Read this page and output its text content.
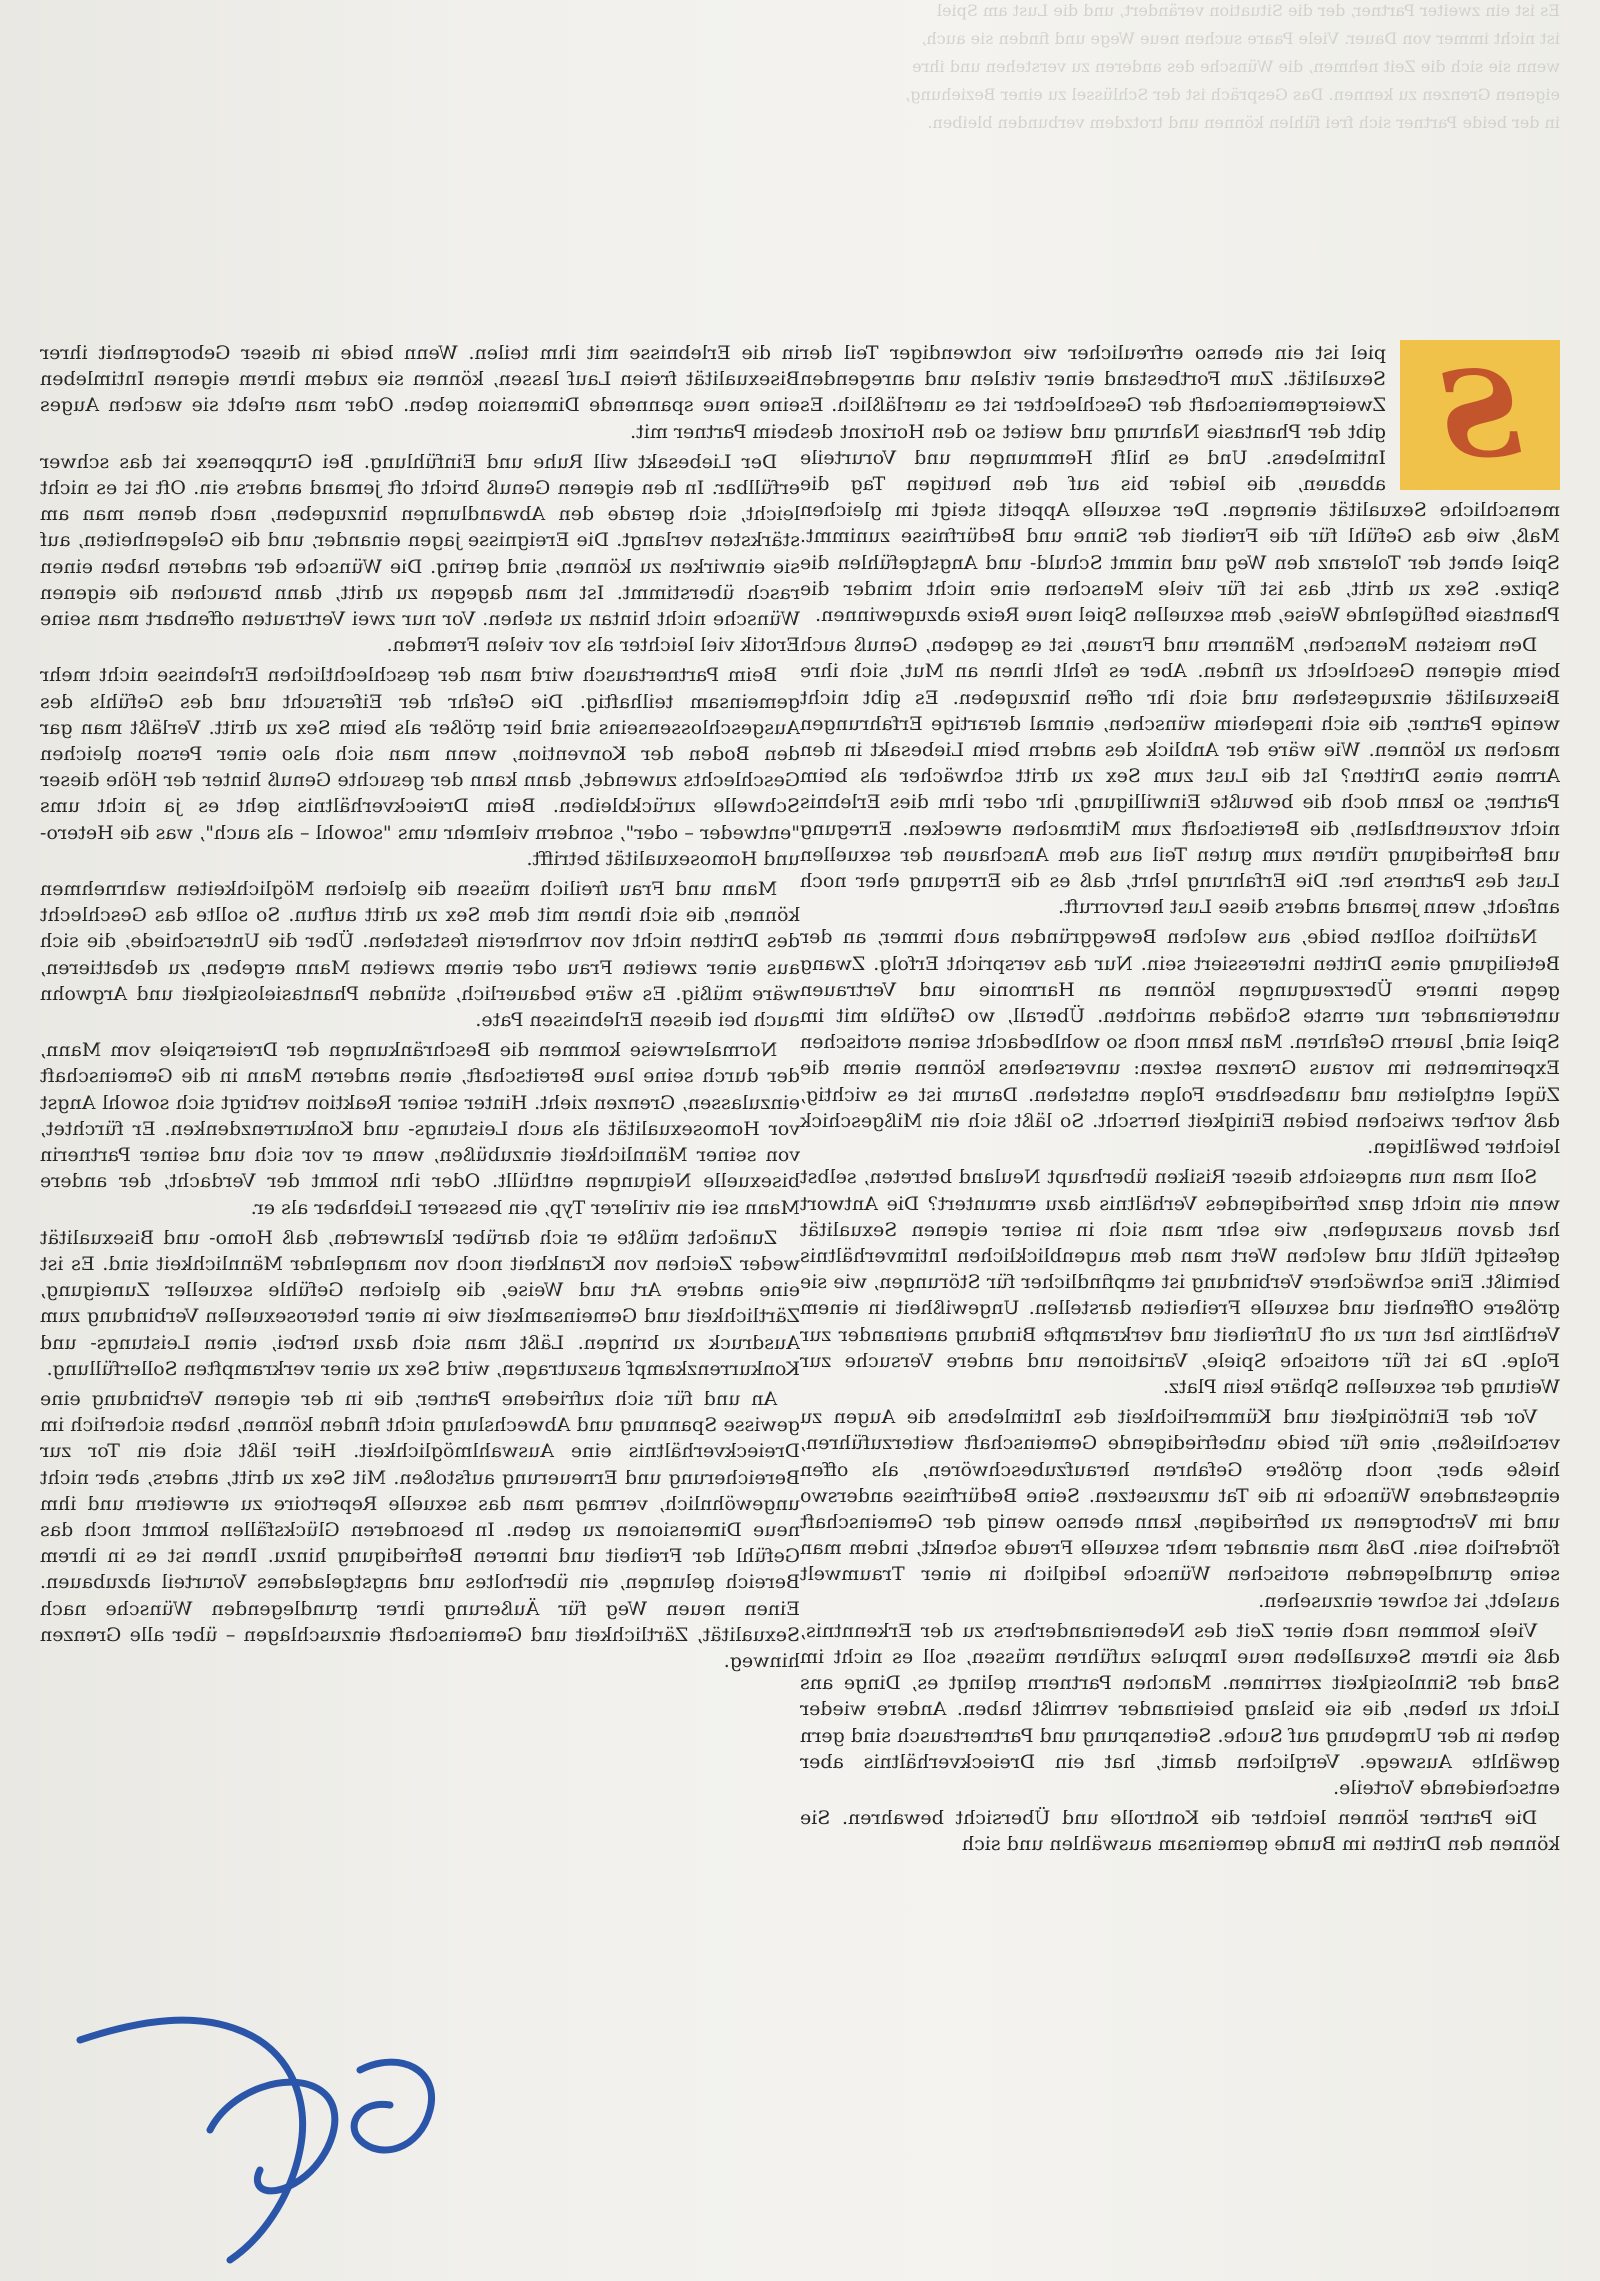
Es ist ein zweiter Partner, der die Situation verändert, und die Lust am Spiel

ist nicht immer von Dauer. Viele Paare suchen neue Wege und finden sie auch,

wenn sie sich die Zeit nehmen, die Wünsche des anderen zu verstehen und ihre

eigenen Grenzen zu kennen. Das Gespräch ist der Schlüssel zu einer Beziehung,

in der beide Partner sich frei fühlen können und trotzdem verbunden bleiben.

in die Erlebnisse mit ihm teilen. Wenn beide in dieser Geborgenheit ihrer Bisexualität freien Lauf lassen, können sie zudem ihrem eigenen Intimleben eine neue spannende Dimension geben. Oder man erlebt sie wachen Auges beim Partner mit.

Der Liebesakt will Ruhe und Einfühlung. Bei Gruppensex ist das schwer erfüllbar. In den eigenen Genuß bricht oft jemand anders ein. Oft ist es nicht leicht, sich gerade den Abwandlungen hinzugeben, nach denen man am stärksten verlangt. Die Ereignisse jagen einander, und die Gelegenheiten, auf sie einwirken zu können, sind gering. Die Wünsche der anderen haben einen rasch überstimmt. Ist man dagegen zu dritt, dann brauchen die eigenen Wünsche nicht hintan zu stehen. Vor nur zwei Vertrauten offenbart man seine Erotik viel leichter als vor vielen Fremden.

Beim Partnertausch wird man der geschlechtlichen Erlebnisse nicht mehr gemeinsam teilhaftig. Die Gefahr der Eifersucht und des Gefühls des Ausgeschlossenseins sind hier größer als beim Sex zu dritt. Verläßt man gar den Boden der Konvention, wenn man sich also einer Person gleichen Geschlechts zuwendet, dann kann der gesuchte Genuß hinter der Höhe dieser Schwelle zurückbleiben. Beim Dreieckverhältnis geht es ja nicht ums "entweder – oder", sondern vielmehr ums "sowohl – als auch", was die Hetero- und Homosexualität betrifft.

Mann und Frau freilich müssen die gleichen Möglichkeiten wahrnehmen können, die sich ihnen mit dem Sex zu dritt auftun. So sollte das Geschlecht des Dritten nicht von vornherein feststehen. Über die Unterschiede, die sich aus einer zweiten Frau oder einem zweiten Mann ergeben, zu debattieren, wäre müßig. Es wäre bedauerlich, stünden Phantasielosigkeit und Argwohn auch bei diesen Erlebnissen Pate.

Normalerweise kommen die Beschränkungen der Dreierspiele vom Mann, der durch seine laue Bereitschaft, einen anderen Mann in die Gemeinschaft einzulassen, Grenzen zieht. Hinter seiner Reaktion verbirgt sich sowohl Angst vor Homosexualität als auch Leistungs- und Konkurrenzdenken. Er fürchtet, von seiner Männlichkeit einzubüßen, wenn er vor sich und seiner Partnerin bisexuelle Neigungen enthüllt. Oder ihn kommt der Verdacht, der andere Mann sei ein virilerer Typ, ein besserer Liebhaber als er.

Zunächst müßte er sich darüber klarwerden, daß Homo- und Bisexualität weder Zeichen von Krankheit noch von mangelnder Männlichkeit sind. Es ist eine andere Art und Weise, die gleichen Gefühle sexueller Zuneigung, Zärtlichkeit und Gemeinsamkeit wie in einer heterosexuellen Verbindung zum Ausdruck zu bringen. Läßt man sich dazu herbei, einen Leistungs- und Konkurrenzkampf auszutragen, wird Sex zu einer verkrampften Sollerfüllung.

An und für sich zufriedene Partner, die in der eigenen Verbindung eine gewisse Spannung und Abwechslung nicht finden können, haben sicherlich im Dreieckverhältnis eine Auswahlmöglichkeit. Hier läßt sich ein Tor zur Bereicherung und Erneuerung aufstoßen. Mit Sex zu dritt, anders, aber nicht ungewöhnlich, vermag man das sexuelle Repertoire zu erweitern und ihm neue Dimensionen zu geben. In besonderen Glücksfällen kommt noch das Gefühl der Freiheit und inneren Befriedigung hinzu. Ihnen ist es in ihrem Bereich gelungen, ein überholtes und angstgeladenes Vorurteil abzubauen. Einen neuen Weg für Äußerung ihrer grundlegenden Wünsche nach Sexualität, Zärtlichkeit und Gemeinschaft einzuschlagen – über alle Grenzen hinweg.

S

piel ist ein ebenso erfreulicher wie notwendiger Teil der Sexualität. Zum Fortbestand einer vitalen und anregenden Zweiergemeinschaft der Geschlechter ist es unerläßlich. Es gibt der Phantasie Nahrung und weitet so den Horizont des Intimlebens. Und es hilft Hemmungen und Vorurteile abbauen, die leider bis auf den heutigen Tag die menschliche Sexualität einengen. Der sexuelle Appetit steigt im gleichen Maß, wie das Gefühl für die Freiheit der Sinne und Bedürfnisse zunimmt. Spiel ebnet der Toleranz den Weg und nimmt Schuld- und Angstgefühlen die Spitze. Sex zu dritt, das ist für viele Menschen eine nicht minder die Phantasie beflügelnde Weise, dem sexuellen Spiel neue Reize abzugewinnen.

Den meisten Menschen, Männern und Frauen, ist es gegeben, Genuß auch beim eigenen Geschlecht zu finden. Aber es fehlt ihnen an Mut, sich ihre Bisexualität einzugestehen und sich ihr offen hinzugeben. Es gibt nicht wenige Partner, die sich insgeheim wünschen, einmal derartige Erfahrungen machen zu können. Wie wäre der Anblick des andern beim Liebesakt in den Armen eines Dritten? Ist die Lust zum Sex zu dritt schwächer als beim Partner, so kann doch die bewußte Einwilligung, ihr oder ihm dies Erlebnis nicht vorzuenthalten, die Bereitschaft zum Mitmachen erwecken. Erregung und Befriedigung rühren zum guten Teil aus dem Anschauen der sexuellen Lust des Partners her. Die Erfahrung lehrt, daß es die Erregung eher noch anfacht, wenn jemand anders diese Lust hervorruft.

Natürlich sollten beide, aus welchen Beweggründen auch immer, an der Beteiligung eines Dritten interessiert sein. Nur das verspricht Erfolg. Zwang gegen innere Überzeugungen können an Harmonie und Vertrauen untereinander nur ernste Schäden anrichten. Überall, wo Gefühle mit im Spiel sind, lauern Gefahren. Man kann noch so wohlbedacht seinen erotischen Experimenten im voraus Grenzen setzen: unversehens können einem die Zügel entgleiten und unabsehbare Folgen entstehen. Darum ist es wichtig, daß vorher zwischen beiden Einigkeit herrscht. So läßt sich ein Mißgeschick leichter bewältigen.

Soll man nun angesichts dieser Risiken überhaupt Neuland betreten, selbst wenn ein nicht ganz befriedigendes Verhältnis dazu ermuntert? Die Antwort hat davon auszugehen, wie sehr man sich in seiner eigenen Sexualität gefestigt fühlt und welchen Wert man dem augenblicklichen Intimverhältnis beimißt. Eine schwächere Verbindung ist empfindlicher für Störungen, wie sie größere Offenheit und sexuelle Freiheiten darstellen. Ungewißheit in einem Verhältnis hat nur zu oft Unfreiheit und verkrampfte Bindung aneinander zur Folge. Da ist für erotische Spiele, Variationen und andere Versuche zur Weitung der sexuellen Sphäre kein Platz.

Vor der Eintönigkeit und Kümmerlichkeit des Intimlebens die Augen zu verschließen, eine für beide unbefriedigende Gemeinschaft weiterzuführen, hieße aber, noch größere Gefahren heraufzubeschwören, als offen eingestandene Wünsche in die Tat umzusetzen. Seine Bedürfnisse anderswo und im Verborgenen zu befriedigen, kann ebenso wenig der Gemeinschaft förderlich sein. Daß man einander mehr sexuelle Freude schenkt, indem man seine grundlegenden erotischen Wünsche lediglich in einer Traumwelt auslebt, ist schwer einzusehen.

Viele kommen nach einer Zeit des Nebeneinanderhers zu der Erkenntnis, daß sie ihrem Sexualleben neue Impulse zuführen müssen, soll es nicht im Sand der Sinnlosigkeit zerrinnen. Manchen Partnern gelingt es, Dinge ans Licht zu heben, die sie bislang beieinander vermißt haben. Andere wieder gehen in der Umgebung auf Suche. Seitensprung und Partnertausch sind gern gewählte Auswege. Verglichen damit, hat ein Dreieckverhältnis aber entscheidende Vorteile.

Die Partner können leichter die Kontrolle und Übersicht bewahren. Sie können den Dritten im Bunde gemeinsam auswählen und sich
